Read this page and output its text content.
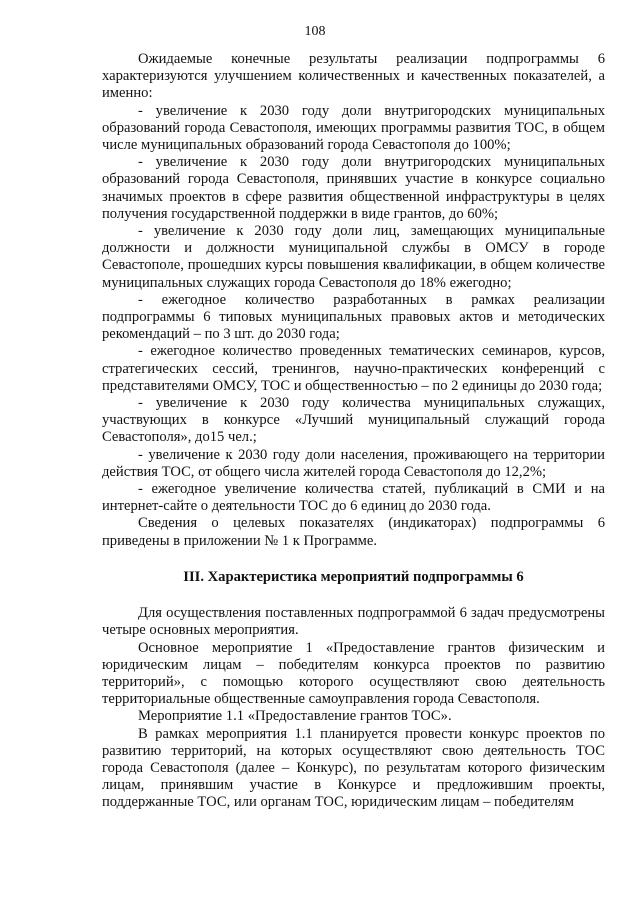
108

Ожидаемые конечные результаты реализации подпрограммы 6 характеризуются улучшением количественных и качественных показателей, а именно:

- увеличение к 2030 году доли внутригородских муниципальных образований города Севастополя, имеющих программы развития ТОС, в общем числе муниципальных образований города Севастополя до 100%;

- увеличение к 2030 году доли внутригородских муниципальных образований города Севастополя, принявших участие в конкурсе социально значимых проектов в сфере развития общественной инфраструктуры в целях получения государственной поддержки в виде грантов, до 60%;

- увеличение к 2030 году доли лиц, замещающих муниципальные должности и должности муниципальной службы в ОМСУ в городе Севастополе, прошедших курсы повышения квалификации, в общем количестве муниципальных служащих города Севастополя до 18% ежегодно;

- ежегодное количество разработанных в рамках реализации подпрограммы 6 типовых муниципальных правовых актов и методических рекомендаций – по 3 шт. до 2030 года;

- ежегодное количество проведенных тематических семинаров, курсов, стратегических сессий, тренингов, научно-практических конференций с представителями ОМСУ, ТОС и общественностью – по 2 единицы до 2030 года;

- увеличение к 2030 году количества муниципальных служащих, участвующих в конкурсе «Лучший муниципальный служащий города Севастополя», до15 чел.;

- увеличение к 2030 году доли населения, проживающего на территории действия ТОС, от общего числа жителей города Севастополя до 12,2%;

- ежегодное увеличение количества статей, публикаций в СМИ и на интернет-сайте о деятельности ТОС до 6 единиц до 2030 года.

Сведения о целевых показателях (индикаторах) подпрограммы 6 приведены в приложении № 1 к Программе.

III. Характеристика мероприятий подпрограммы 6

Для осуществления поставленных подпрограммой 6 задач предусмотрены четыре основных мероприятия.

Основное мероприятие 1 «Предоставление грантов физическим и юридическим лицам – победителям конкурса проектов по развитию территорий», с помощью которого осуществляют свою деятельность территориальные общественные самоуправления города Севастополя.

Мероприятие 1.1 «Предоставление грантов ТОС».

В рамках мероприятия 1.1 планируется провести конкурс проектов по развитию территорий, на которых осуществляют свою деятельность ТОС города Севастополя (далее – Конкурс), по результатам которого физическим лицам, принявшим участие в Конкурсе и предложившим проекты, поддержанные ТОС, или органам ТОС, юридическим лицам – победителям
